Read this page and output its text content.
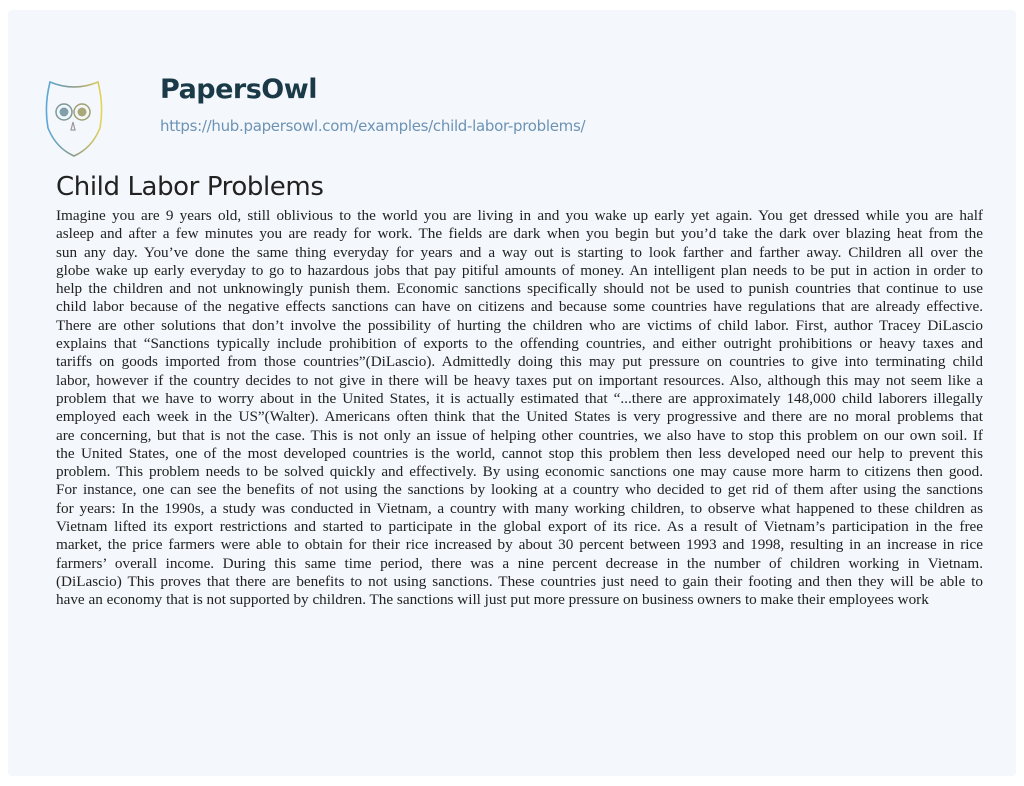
PapersOwl
https://hub.papersowl.com/examples/child-labor-problems/
Child Labor Problems
Imagine you are 9 years old, still oblivious to the world you are living in and you wake up early yet again. You get dressed while you are half
asleep and after a few minutes you are ready for work. The fields are dark when you begin but you’d take the dark over blazing heat from the
sun any day. You’ve done the same thing everyday for years and a way out is starting to look farther and farther away. Children all over the
globe wake up early everyday to go to hazardous jobs that pay pitiful amounts of money. An intelligent plan needs to be put in action in order to
help the children and not unknowingly punish them. Economic sanctions specifically should not be used to punish countries that continue to use
child labor because of the negative effects sanctions can have on citizens and because some countries have regulations that are already effective.
There are other solutions that don’t involve the possibility of hurting the children who are victims of child labor. First, author Tracey DiLascio
explains that “Sanctions typically include prohibition of exports to the offending countries, and either outright prohibitions or heavy taxes and
tariffs on goods imported from those countries”(DiLascio). Admittedly doing this may put pressure on countries to give into terminating child
labor, however if the country decides to not give in there will be heavy taxes put on important resources. Also, although this may not seem like a
problem that we have to worry about in the United States, it is actually estimated that “...there are approximately 148,000 child laborers illegally
employed each week in the US”(Walter). Americans often think that the United States is very progressive and there are no moral problems that
are concerning, but that is not the case. This is not only an issue of helping other countries, we also have to stop this problem on our own soil. If
the United States, one of the most developed countries is the world, cannot stop this problem then less developed need our help to prevent this
problem. This problem needs to be solved quickly and effectively. By using economic sanctions one may cause more harm to citizens then good.
For instance, one can see the benefits of not using the sanctions by looking at a country who decided to get rid of them after using the sanctions
for years: In the 1990s, a study was conducted in Vietnam, a country with many working children, to observe what happened to these children as
Vietnam lifted its export restrictions and started to participate in the global export of its rice. As a result of Vietnam’s participation in the free
market, the price farmers were able to obtain for their rice increased by about 30 percent between 1993 and 1998, resulting in an increase in rice
farmers’ overall income. During this same time period, there was a nine percent decrease in the number of children working in Vietnam.
(DiLascio) This proves that there are benefits to not using sanctions. These countries just need to gain their footing and then they will be able to
have an economy that is not supported by children. The sanctions will just put more pressure on business owners to make their employees work
